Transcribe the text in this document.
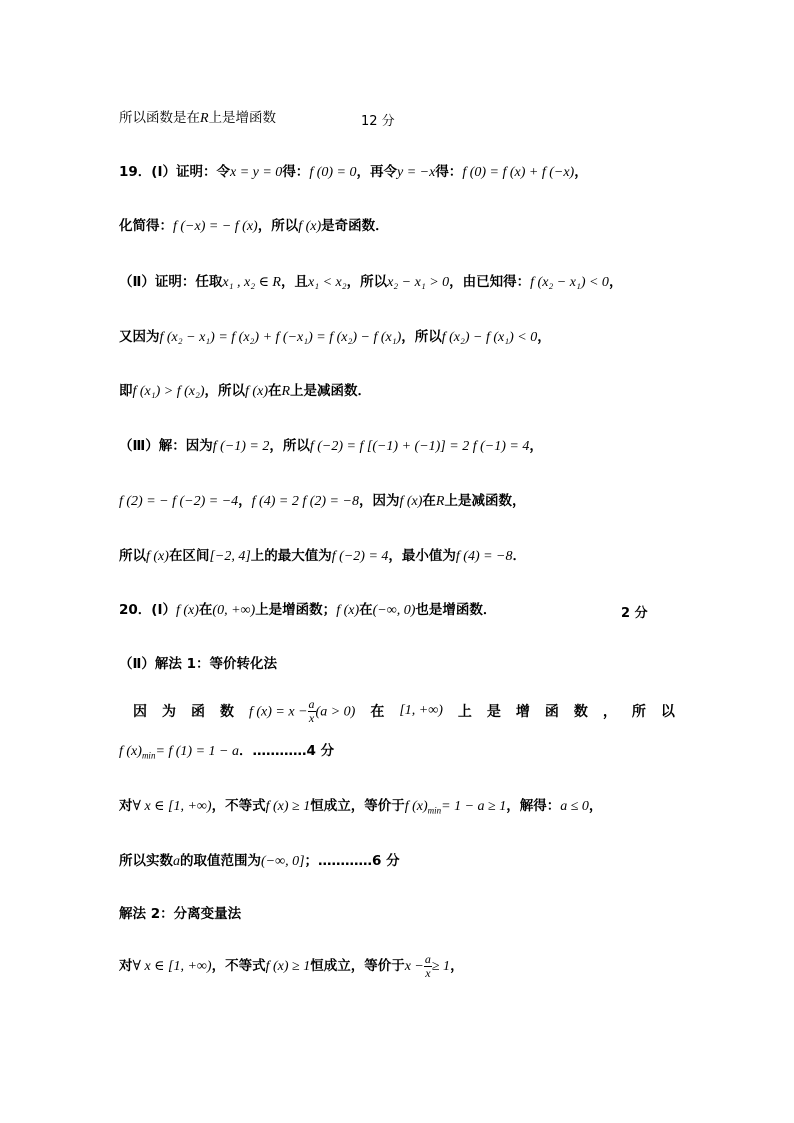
所以函数是在R上是增函数	12 分
19．(Ⅰ）证明：令x = y = 0得：f (0) = 0，再令y = −x得：f (0) = f (x) + f (−x)，
化简得：f (−x) = − f (x)，所以f (x)是奇函数．
（Ⅱ）证明：任取x₁ , x₂ ∈ R，且x₁ < x₂，所以x₂ − x₁ > 0，由已知得：f (x₂ − x₁) < 0，
又因为f (x₂ − x₁) = f (x₂) + f (−x₁) = f (x₂) − f (x₁)，所以f (x₂) − f (x₁) < 0，
即f (x₁) > f (x₂)，所以f (x)在R上是减函数．
（Ⅲ）解：因为f (−1) = 2，所以f (−2) = f [(−1) + (−1)] = 2 f (−1) = 4，
f (2) = − f (−2) = −4，f (4) = 2 f (2) = −8，因为f (x)在R上是减函数，
所以f (x)在区间[−2, 4]上的最大值为f (−2) = 4，最小值为f (4) = −8．
20．(Ⅰ）f (x)在(0, +∞)上是增函数；f (x)在(−∞, 0)也是增函数．	2 分
（Ⅱ）解法 1：等价转化法
因 为 函 数 f $(x) = x - \frac{a}{x} (a > 0)$ 在 [1, +∞) 上 是 增 函 数 ， 所 以
f $(x)_{min}= f$ (1) = 1 − a．…………4 分
对∀ x ∈ [1, +∞)，不等式f (x) ≥ 1恒成立，等价于f $(x)_{min}= 1 - a \ge 1$，解得：a ≤ 0，
所以实数a的取值范围为(−∞, 0]；…………6 分
解法 2：分离变量法
对∀ x ∈ [1, +∞)，不等式f (x) ≥ 1恒成立，等价于$x - \frac{a}{x} \ge 1$，
